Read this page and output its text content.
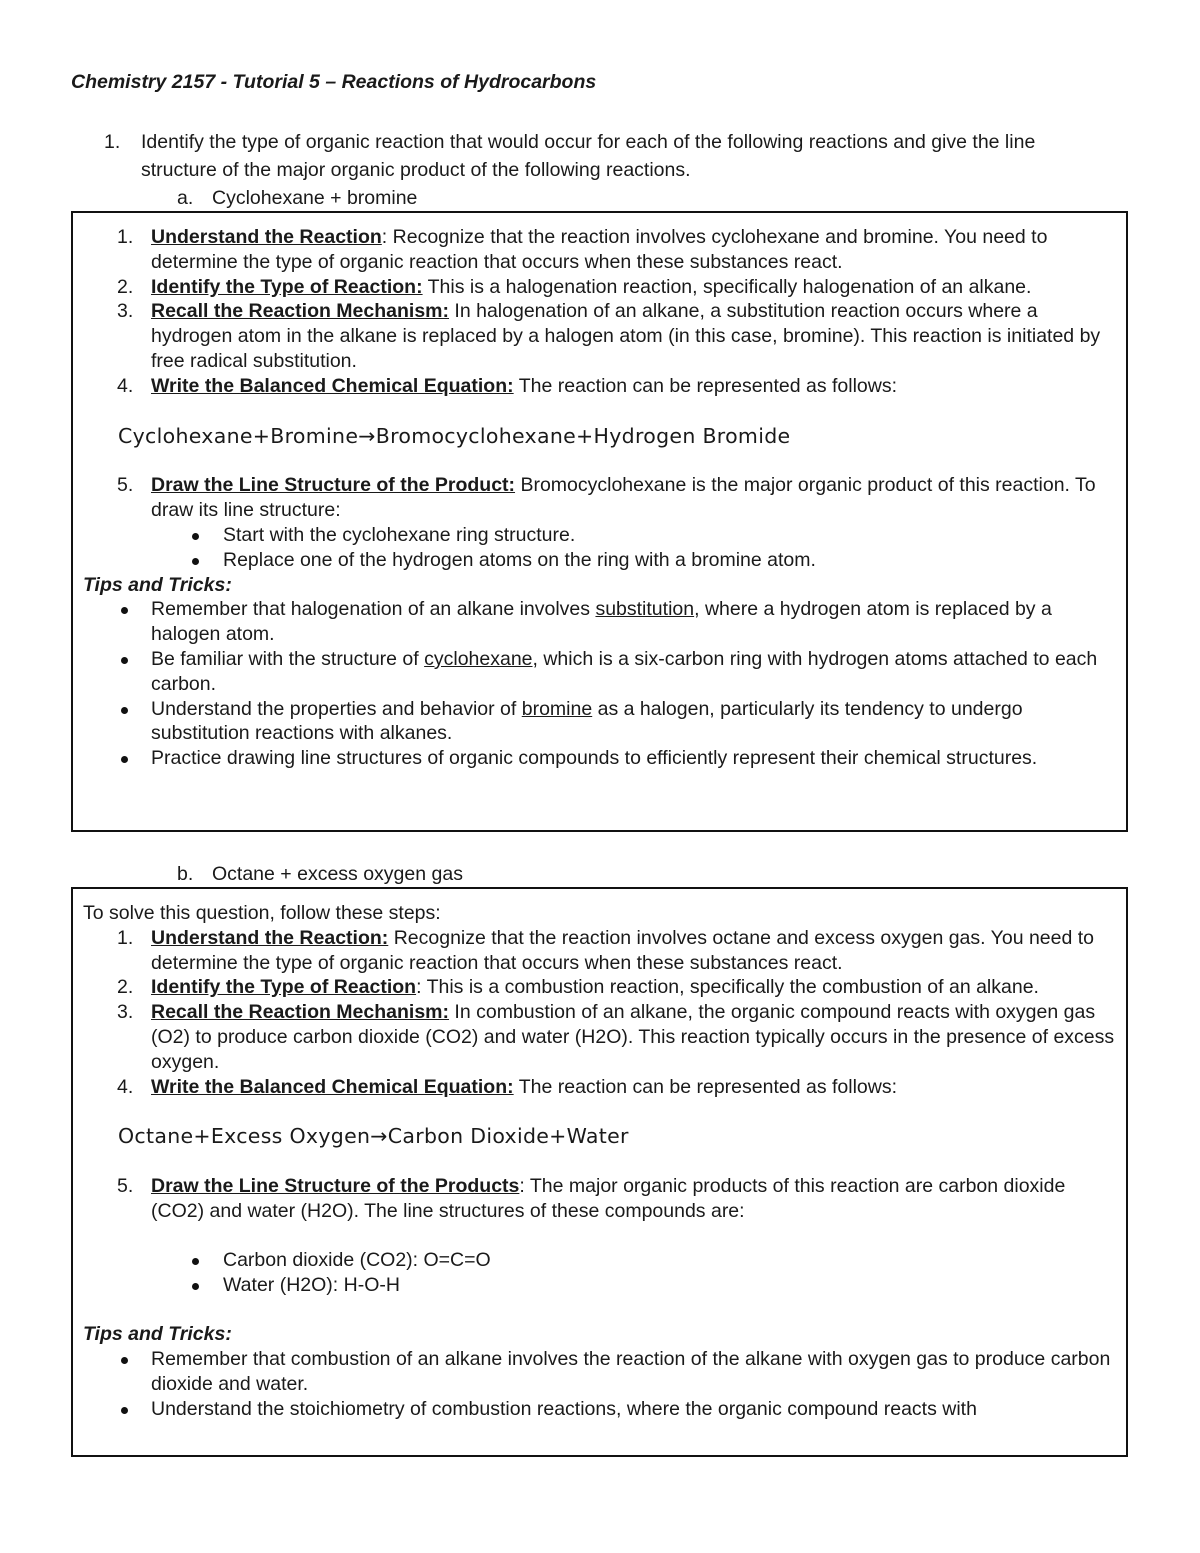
Chemistry 2157 - Tutorial 5 – Reactions of Hydrocarbons
1. Identify the type of organic reaction that would occur for each of the following reactions and give the line structure of the major organic product of the following reactions.
a. Cyclohexane + bromine
1. Understand the Reaction: Recognize that the reaction involves cyclohexane and bromine. You need to determine the type of organic reaction that occurs when these substances react.
2. Identify the Type of Reaction: This is a halogenation reaction, specifically halogenation of an alkane.
3. Recall the Reaction Mechanism: In halogenation of an alkane, a substitution reaction occurs where a hydrogen atom in the alkane is replaced by a halogen atom (in this case, bromine). This reaction is initiated by free radical substitution.
4. Write the Balanced Chemical Equation: The reaction can be represented as follows:
Cyclohexane+Bromine→Bromocyclohexane+Hydrogen Bromide
5. Draw the Line Structure of the Product: Bromocyclohexane is the major organic product of this reaction. To draw its line structure:
Start with the cyclohexane ring structure.
Replace one of the hydrogen atoms on the ring with a bromine atom.
Tips and Tricks:
Remember that halogenation of an alkane involves substitution, where a hydrogen atom is replaced by a halogen atom.
Be familiar with the structure of cyclohexane, which is a six-carbon ring with hydrogen atoms attached to each carbon.
Understand the properties and behavior of bromine as a halogen, particularly its tendency to undergo substitution reactions with alkanes.
Practice drawing line structures of organic compounds to efficiently represent their chemical structures.
b. Octane + excess oxygen gas
To solve this question, follow these steps:
1. Understand the Reaction: Recognize that the reaction involves octane and excess oxygen gas. You need to determine the type of organic reaction that occurs when these substances react.
2. Identify the Type of Reaction: This is a combustion reaction, specifically the combustion of an alkane.
3. Recall the Reaction Mechanism: In combustion of an alkane, the organic compound reacts with oxygen gas (O2) to produce carbon dioxide (CO2) and water (H2O). This reaction typically occurs in the presence of excess oxygen.
4. Write the Balanced Chemical Equation: The reaction can be represented as follows:
Octane+Excess Oxygen→Carbon Dioxide+Water
5. Draw the Line Structure of the Products: The major organic products of this reaction are carbon dioxide (CO2) and water (H2O). The line structures of these compounds are:
Carbon dioxide (CO2): O=C=O
Water (H2O): H-O-H
Tips and Tricks:
Remember that combustion of an alkane involves the reaction of the alkane with oxygen gas to produce carbon dioxide and water.
Understand the stoichiometry of combustion reactions, where the organic compound reacts with
